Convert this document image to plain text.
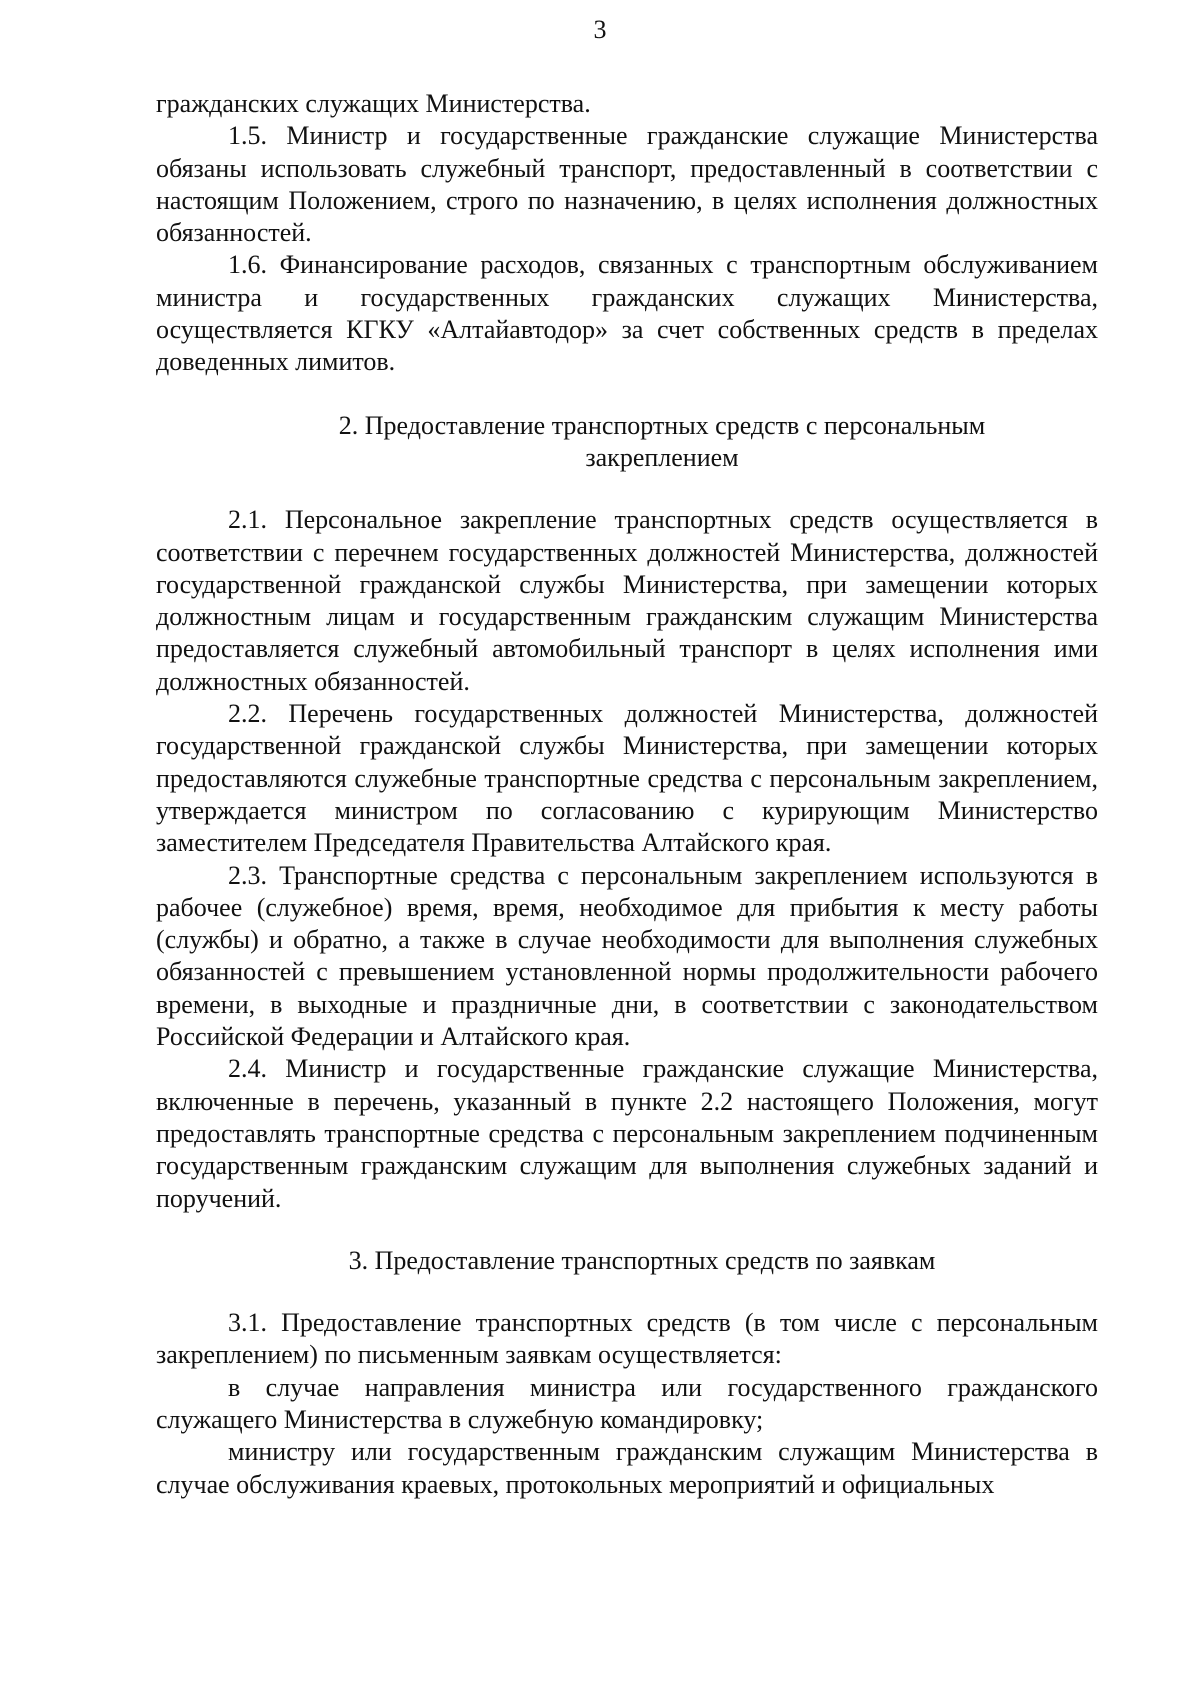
3

гражданских служащих Министерства.

1.5. Министр и государственные гражданские служащие Министерства обязаны использовать служебный транспорт, предоставленный в соответствии с настоящим Положением, строго по назначению, в целях исполнения должностных обязанностей.

1.6. Финансирование расходов, связанных с транспортным обслуживанием министра и государственных гражданских служащих Министерства, осуществляется КГКУ «Алтайавтодор» за счет собственных средств в пределах доведенных лимитов.

2. Предоставление транспортных средств с персональным
закреплением

2.1. Персональное закрепление транспортных средств осуществляется в соответствии с перечнем государственных должностей Министерства, должностей государственной гражданской службы Министерства, при замещении которых должностным лицам и государственным гражданским служащим Министерства предоставляется служебный автомобильный транспорт в целях исполнения ими должностных обязанностей.

2.2. Перечень государственных должностей Министерства, должностей государственной гражданской службы Министерства, при замещении которых предоставляются служебные транспортные средства с персональным закреплением, утверждается министром по согласованию с курирующим Министерство заместителем Председателя Правительства Алтайского края.

2.3. Транспортные средства с персональным закреплением используются в рабочее (служебное) время, время, необходимое для прибытия к месту работы (службы) и обратно, а также в случае необходимости для выполнения служебных обязанностей с превышением установленной нормы продолжительности рабочего времени, в выходные и праздничные дни, в соответствии с законодательством Российской Федерации и Алтайского края.

2.4. Министр и государственные гражданские служащие Министерства, включенные в перечень, указанный в пункте 2.2 настоящего Положения, могут предоставлять транспортные средства с персональным закреплением подчиненным государственным гражданским служащим для выполнения служебных заданий и поручений.

3. Предоставление транспортных средств по заявкам

3.1. Предоставление транспортных средств (в том числе с персональным закреплением) по письменным заявкам осуществляется:

в случае направления министра или государственного гражданского служащего Министерства в служебную командировку;

министру или государственным гражданским служащим Министерства в случае обслуживания краевых, протокольных мероприятий и официальных
